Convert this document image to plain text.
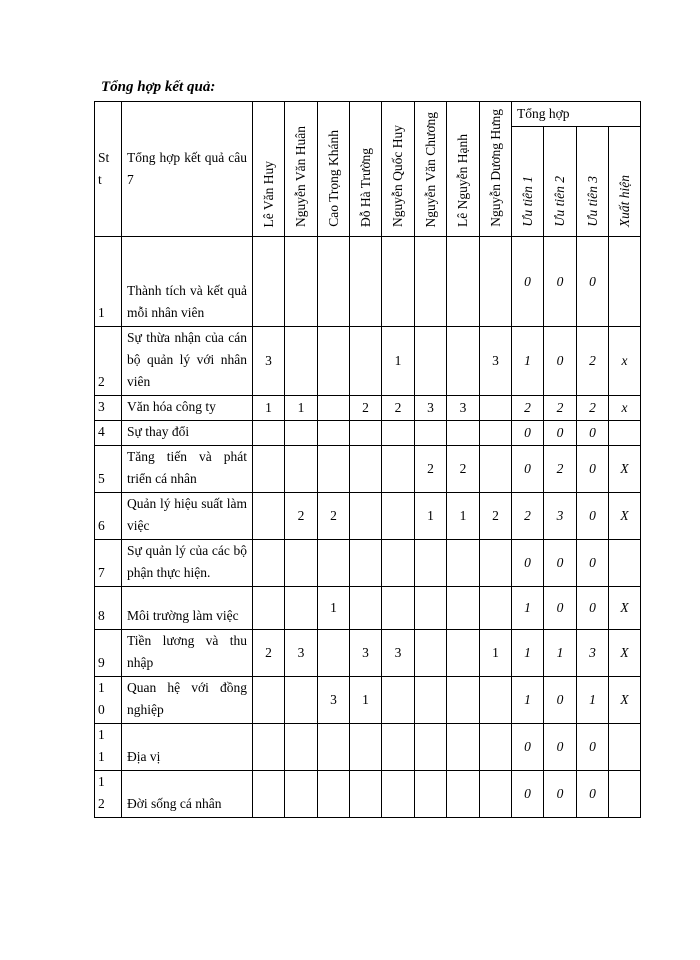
Tổng hợp kết quả:
St
t	Tổng hợp kết quả câu 7	Lê Văn Huy	Nguyễn Văn Huân	Cao Trọng Khánh	Đỗ Hà Trường	Nguyễn Quốc Huy	Nguyễn Văn Chương	Lê Nguyễn Hạnh	Nguyễn Dương Hưng	Tổng hợp			
										Ưu tiên 1	Ưu tiên 2	Ưu tiên 3	Xuất hiện

1	Thành tích và kết quả mỗi nhân viên									0	0	0	

2	Sự thừa nhận của cán bộ quản lý với nhân viên	3				1			3	1	0	2	x

3	Văn hóa công ty	1	1		2	2	3	3		2	2	2	x

4	Sự thay đổi									0	0	0	

5	Tăng tiến và phát triển cá nhân						2	2		0	2	0	X

6	Quản lý hiệu suất làm việc		2	2			1	1	2	2	3	0	X

7	Sự quản lý của các bộ phận thực hiện.									0	0	0	

8	Môi trường làm việc			1						1	0	0	X

9	Tiền lương và thu nhập	2	3		3	3			1	1	1	3	X

1
0	Quan hệ với đồng nghiệp			3	1					1	0	1	X

1
1	Địa vị									0	0	0	

1
2	Đời sống cá nhân									0	0	0	
